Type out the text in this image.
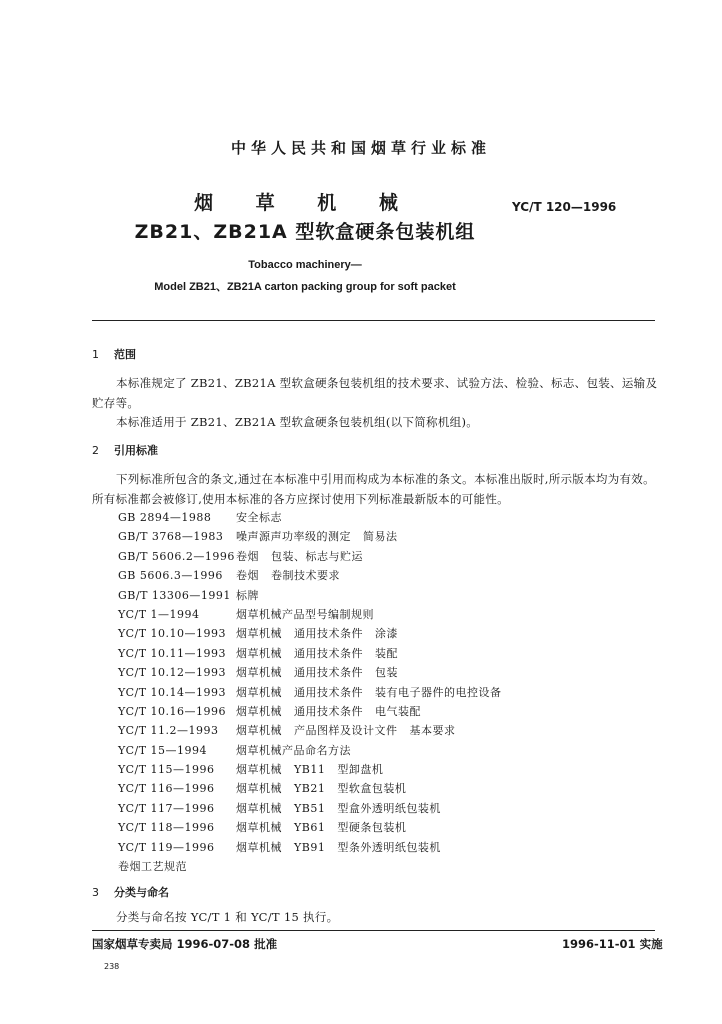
中华人民共和国烟草行业标准
烟 草 机 械	YC/T 120—1996
ZB21、ZB21A 型软盒硬条包装机组
Tobacco machinery—
Model ZB21、ZB21A carton packing group for soft packet
1 范围
本标准规定了 ZB21、ZB21A 型软盒硬条包装机组的技术要求、试验方法、检验、标志、包装、运输及贮存等。
本标准适用于 ZB21、ZB21A 型软盒硬条包装机组(以下简称机组)。
2 引用标准
下列标准所包含的条文,通过在本标准中引用而构成为本标准的条文。本标准出版时,所示版本均为有效。所有标准都会被修订,使用本标准的各方应探讨使用下列标准最新版本的可能性。
GB 2894—1988 安全标志
GB/T 3768—1983 噪声源声功率级的测定 简易法
GB/T 5606.2—1996卷烟 包装、标志与贮运
GB 5606.3—1996 卷烟 卷制技术要求
GB/T 13306—1991 标牌
YC/T 1—1994	烟草机械产品型号编制规则
YC/T 10.10—1993 烟草机械 通用技术条件 涂漆
YC/T 10.11—1993 烟草机械 通用技术条件 装配
YC/T 10.12—1993 烟草机械 通用技术条件 包装
YC/T 10.14—1993 烟草机械 通用技术条件 装有电子器件的电控设备
YC/T 10.16—1996 烟草机械 通用技术条件 电气装配
YC/T 11.2—1993 烟草机械 产品图样及设计文件 基本要求
YC/T 15—1994	烟草机械产品命名方法
YC/T 115—1996 烟草机械 YB11 型卸盘机
YC/T 116—1996 烟草机械 YB21 型软盒包装机
YC/T 117—1996 烟草机械 YB51 型盒外透明纸包装机
YC/T 118—1996 烟草机械 YB61 型硬条包装机
YC/T 119—1996 烟草机械 YB91 型条外透明纸包装机
卷烟工艺规范
3 分类与命名
分类与命名按 YC/T 1 和 YC/T 15 执行。
国家烟草专卖局 1996-07-08 批准	1996-11-01 实施
238
